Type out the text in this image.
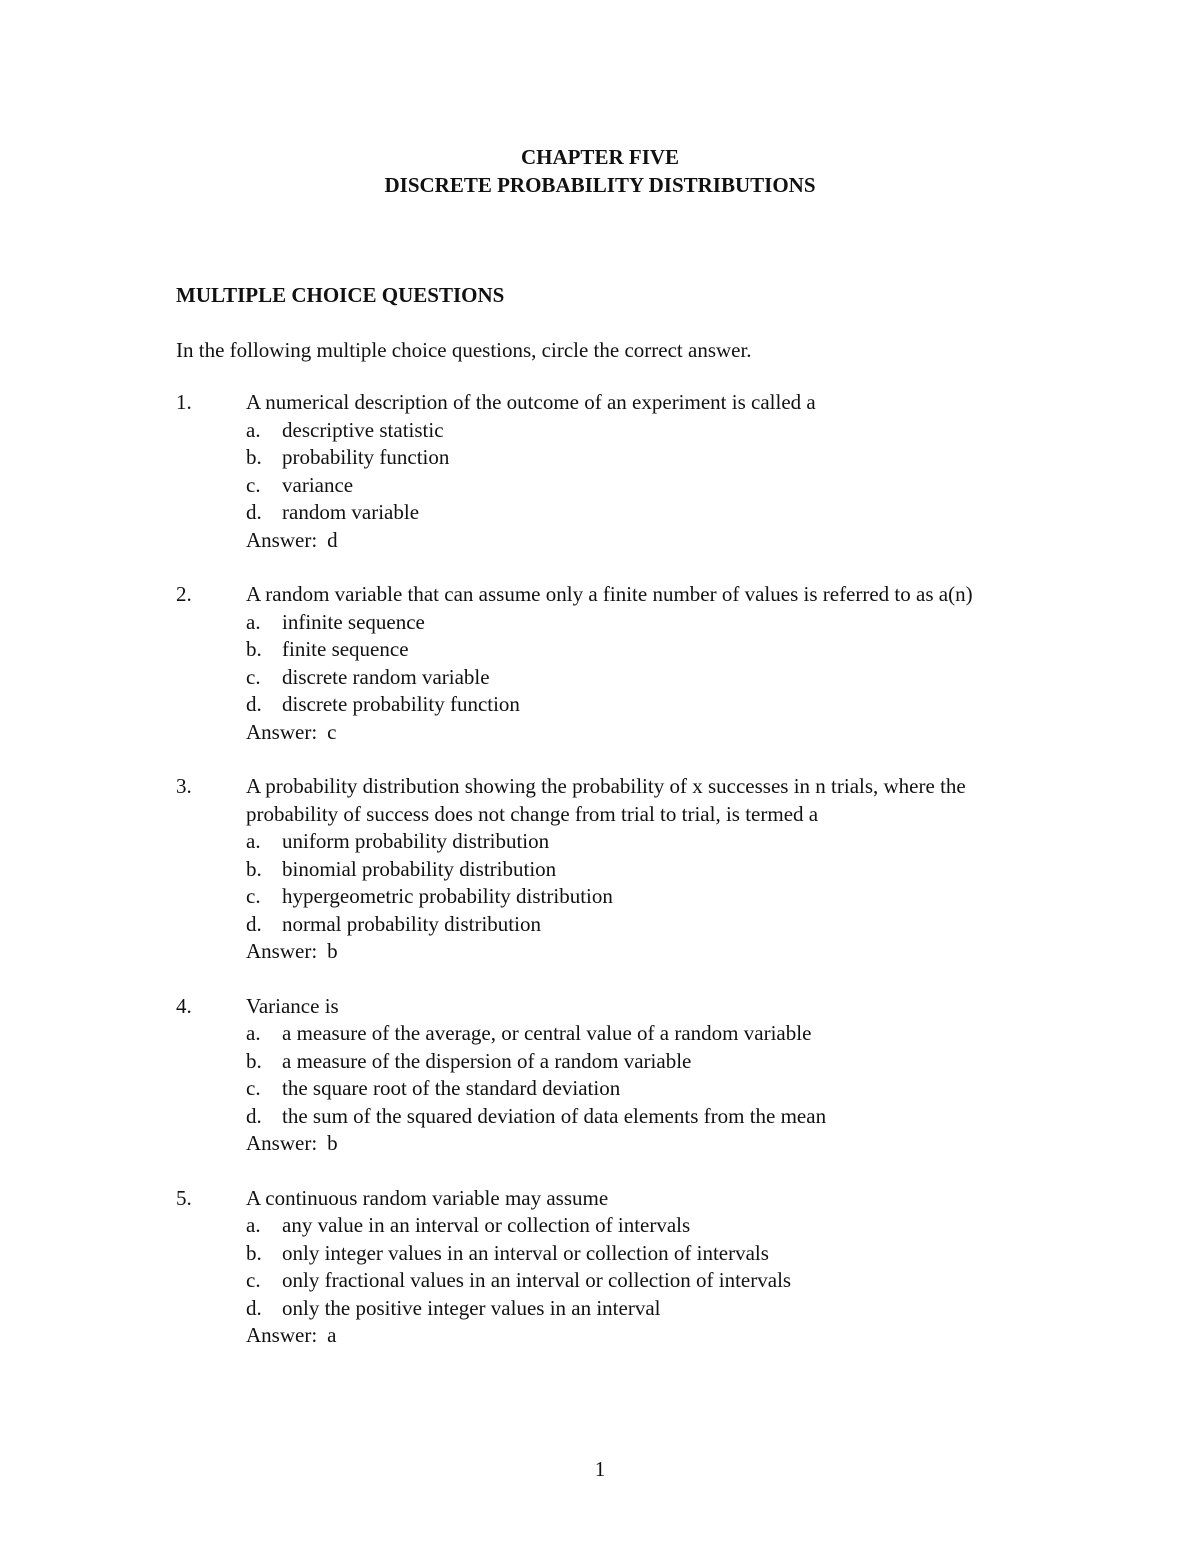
CHAPTER FIVE
DISCRETE PROBABILITY DISTRIBUTIONS
MULTIPLE CHOICE QUESTIONS
In the following multiple choice questions, circle the correct answer.
1.	A numerical description of the outcome of an experiment is called a
a. descriptive statistic
b. probability function
c. variance
d. random variable
Answer: d
2.	A random variable that can assume only a finite number of values is referred to as a(n)
a. infinite sequence
b. finite sequence
c. discrete random variable
d. discrete probability function
Answer: c
3.	A probability distribution showing the probability of x successes in n trials, where the probability of success does not change from trial to trial, is termed a
a. uniform probability distribution
b. binomial probability distribution
c. hypergeometric probability distribution
d. normal probability distribution
Answer: b
4.	Variance is
a. a measure of the average, or central value of a random variable
b. a measure of the dispersion of a random variable
c. the square root of the standard deviation
d. the sum of the squared deviation of data elements from the mean
Answer: b
5.	A continuous random variable may assume
a. any value in an interval or collection of intervals
b. only integer values in an interval or collection of intervals
c. only fractional values in an interval or collection of intervals
d. only the positive integer values in an interval
Answer: a
1
